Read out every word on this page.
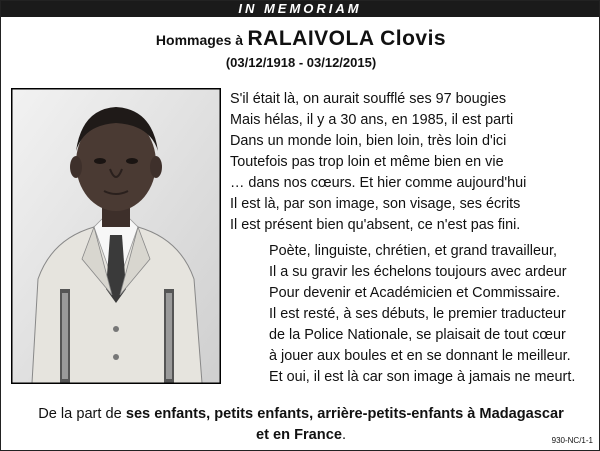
IN MEMORIAM
Hommages à RALAIVOLA Clovis
(03/12/1918 - 03/12/2015)
S'il était là, on aurait soufflé ses 97 bougies
Mais hélas, il y a 30 ans, en 1985, il est parti
Dans un monde loin, bien loin, très loin d'ici
Toutefois pas trop loin et même bien en vie
… dans nos cœurs. Et hier comme aujourd'hui
Il est là, par son image, son visage, ses écrits
Il est présent bien qu'absent, ce n'est pas fini.
Poète, linguiste, chrétien, et grand travailleur,
Il a su gravir les échelons toujours avec ardeur
Pour devenir et Académicien et Commissaire.
Il est resté, à ses débuts, le premier traducteur
de la Police Nationale, se plaisait de tout cœur
à jouer aux boules et en se donnant le meilleur.
Et oui, il est là car son image à jamais ne meurt.
De la part de ses enfants, petits enfants, arrière-petits-enfants à Madagascar
et en France.	930-NC/1-1
